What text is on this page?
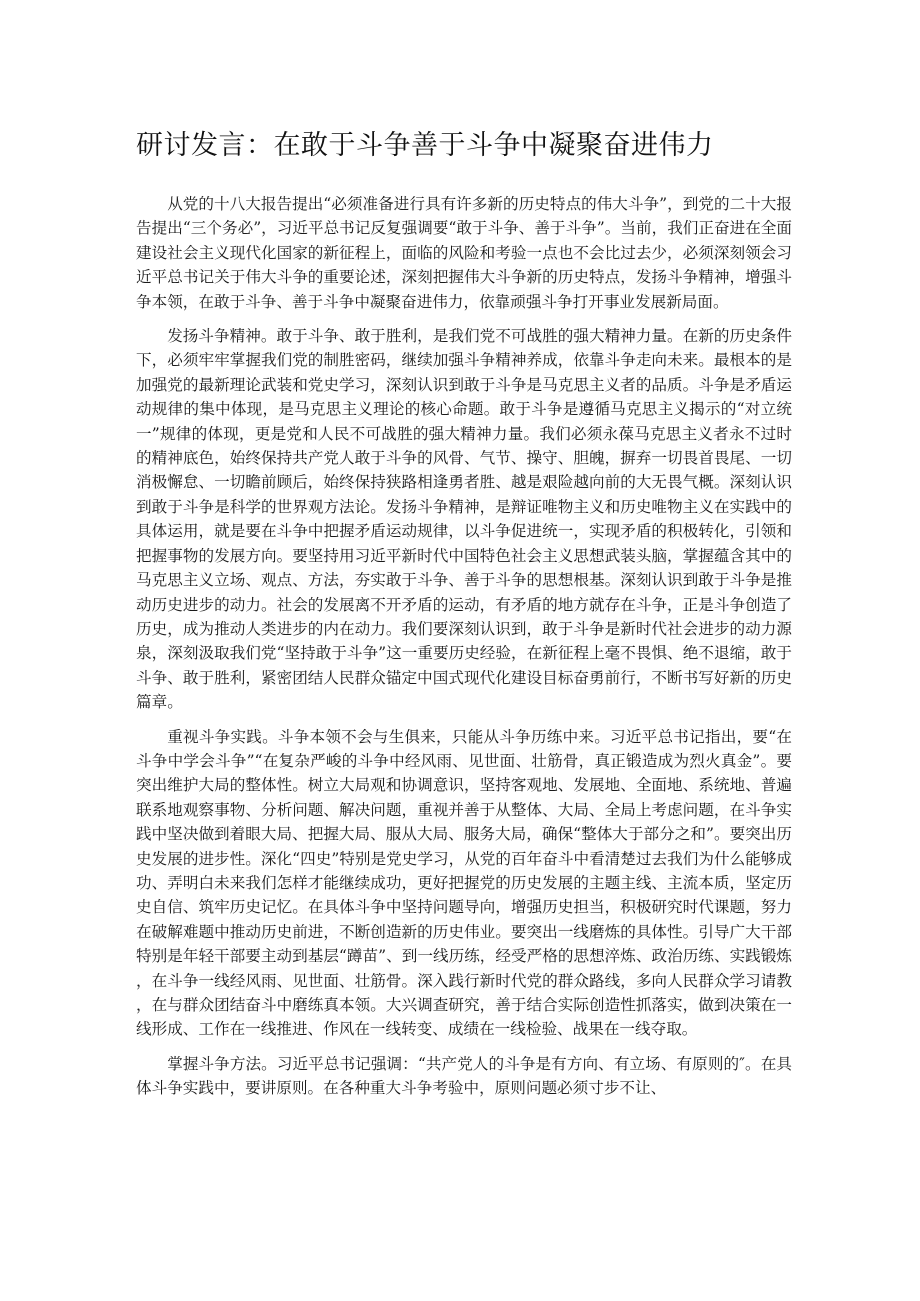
研讨发言：在敢于斗争善于斗争中凝聚奋进伟力

从党的十八大报告提出“必须准备进行具有许多新的历史特点的伟大斗争”，到党的二十大报告提出“三个务必”，习近平总书记反复强调要“敢于斗争、善于斗争”。当前，我们正奋进在全面建设社会主义现代化国家的新征程上，面临的风险和考验一点也不会比过去少，必须深刻领会习近平总书记关于伟大斗争的重要论述，深刻把握伟大斗争新的历史特点，发扬斗争精神，增强斗争本领，在敢于斗争、善于斗争中凝聚奋进伟力，依靠顽强斗争打开事业发展新局面。

发扬斗争精神。敢于斗争、敢于胜利，是我们党不可战胜的强大精神力量。在新的历史条件下，必须牢牢掌握我们党的制胜密码，继续加强斗争精神养成，依靠斗争走向未来。最根本的是加强党的最新理论武装和党史学习，深刻认识到敢于斗争是马克思主义者的品质。斗争是矛盾运动规律的集中体现，是马克思主义理论的核心命题。敢于斗争是遵循马克思主义揭示的“对立统一”规律的体现，更是党和人民不可战胜的强大精神力量。我们必须永葆马克思主义者永不过时的精神底色，始终保持共产党人敢于斗争的风骨、气节、操守、胆魄，摒弃一切畏首畏尾、一切消极懈怠、一切瞻前顾后，始终保持狭路相逢勇者胜、越是艰险越向前的大无畏气概。深刻认识到敢于斗争是科学的世界观方法论。发扬斗争精神，是辩证唯物主义和历史唯物主义在实践中的具体运用，就是要在斗争中把握矛盾运动规律，以斗争促进统一，实现矛盾的积极转化，引领和把握事物的发展方向。要坚持用习近平新时代中国特色社会主义思想武装头脑，掌握蕴含其中的马克思主义立场、观点、方法，夯实敢于斗争、善于斗争的思想根基。深刻认识到敢于斗争是推动历史进步的动力。社会的发展离不开矛盾的运动，有矛盾的地方就存在斗争，正是斗争创造了历史，成为推动人类进步的内在动力。我们要深刻认识到，敢于斗争是新时代社会进步的动力源泉，深刻汲取我们党“坚持敢于斗争”这一重要历史经验，在新征程上毫不畏惧、绝不退缩，敢于斗争、敢于胜利，紧密团结人民群众锚定中国式现代化建设目标奋勇前行，不断书写好新的历史篇章。

重视斗争实践。斗争本领不会与生俱来，只能从斗争历练中来。习近平总书记指出，要“在斗争中学会斗争”“在复杂严峻的斗争中经风雨、见世面、壮筋骨，真正锻造成为烈火真金”。要突出维护大局的整体性。树立大局观和协调意识，坚持客观地、发展地、全面地、系统地、普遍联系地观察事物、分析问题、解决问题，重视并善于从整体、大局、全局上考虑问题，在斗争实践中坚决做到着眼大局、把握大局、服从大局、服务大局，确保“整体大于部分之和”。要突出历史发展的进步性。深化“四史”特别是党史学习，从党的百年奋斗中看清楚过去我们为什么能够成功、弄明白未来我们怎样才能继续成功，更好把握党的历史发展的主题主线、主流本质，坚定历史自信、筑牢历史记忆。在具体斗争中坚持问题导向，增强历史担当，积极研究时代课题，努力在破解难题中推动历史前进，不断创造新的历史伟业。要突出一线磨炼的具体性。引导广大干部特别是年轻干部要主动到基层“蹲苗”、到一线历练，经受严格的思想淬炼、政治历练、实践锻炼，在斗争一线经风雨、见世面、壮筋骨。深入践行新时代党的群众路线，多向人民群众学习请教，在与群众团结奋斗中磨练真本领。大兴调查研究，善于结合实际创造性抓落实，做到决策在一线形成、工作在一线推进、作风在一线转变、成绩在一线检验、战果在一线夺取。

掌握斗争方法。习近平总书记强调：“共产党人的斗争是有方向、有立场、有原则的″。在具体斗争实践中，要讲原则。在各种重大斗争考验中，原则问题必须寸步不让、
